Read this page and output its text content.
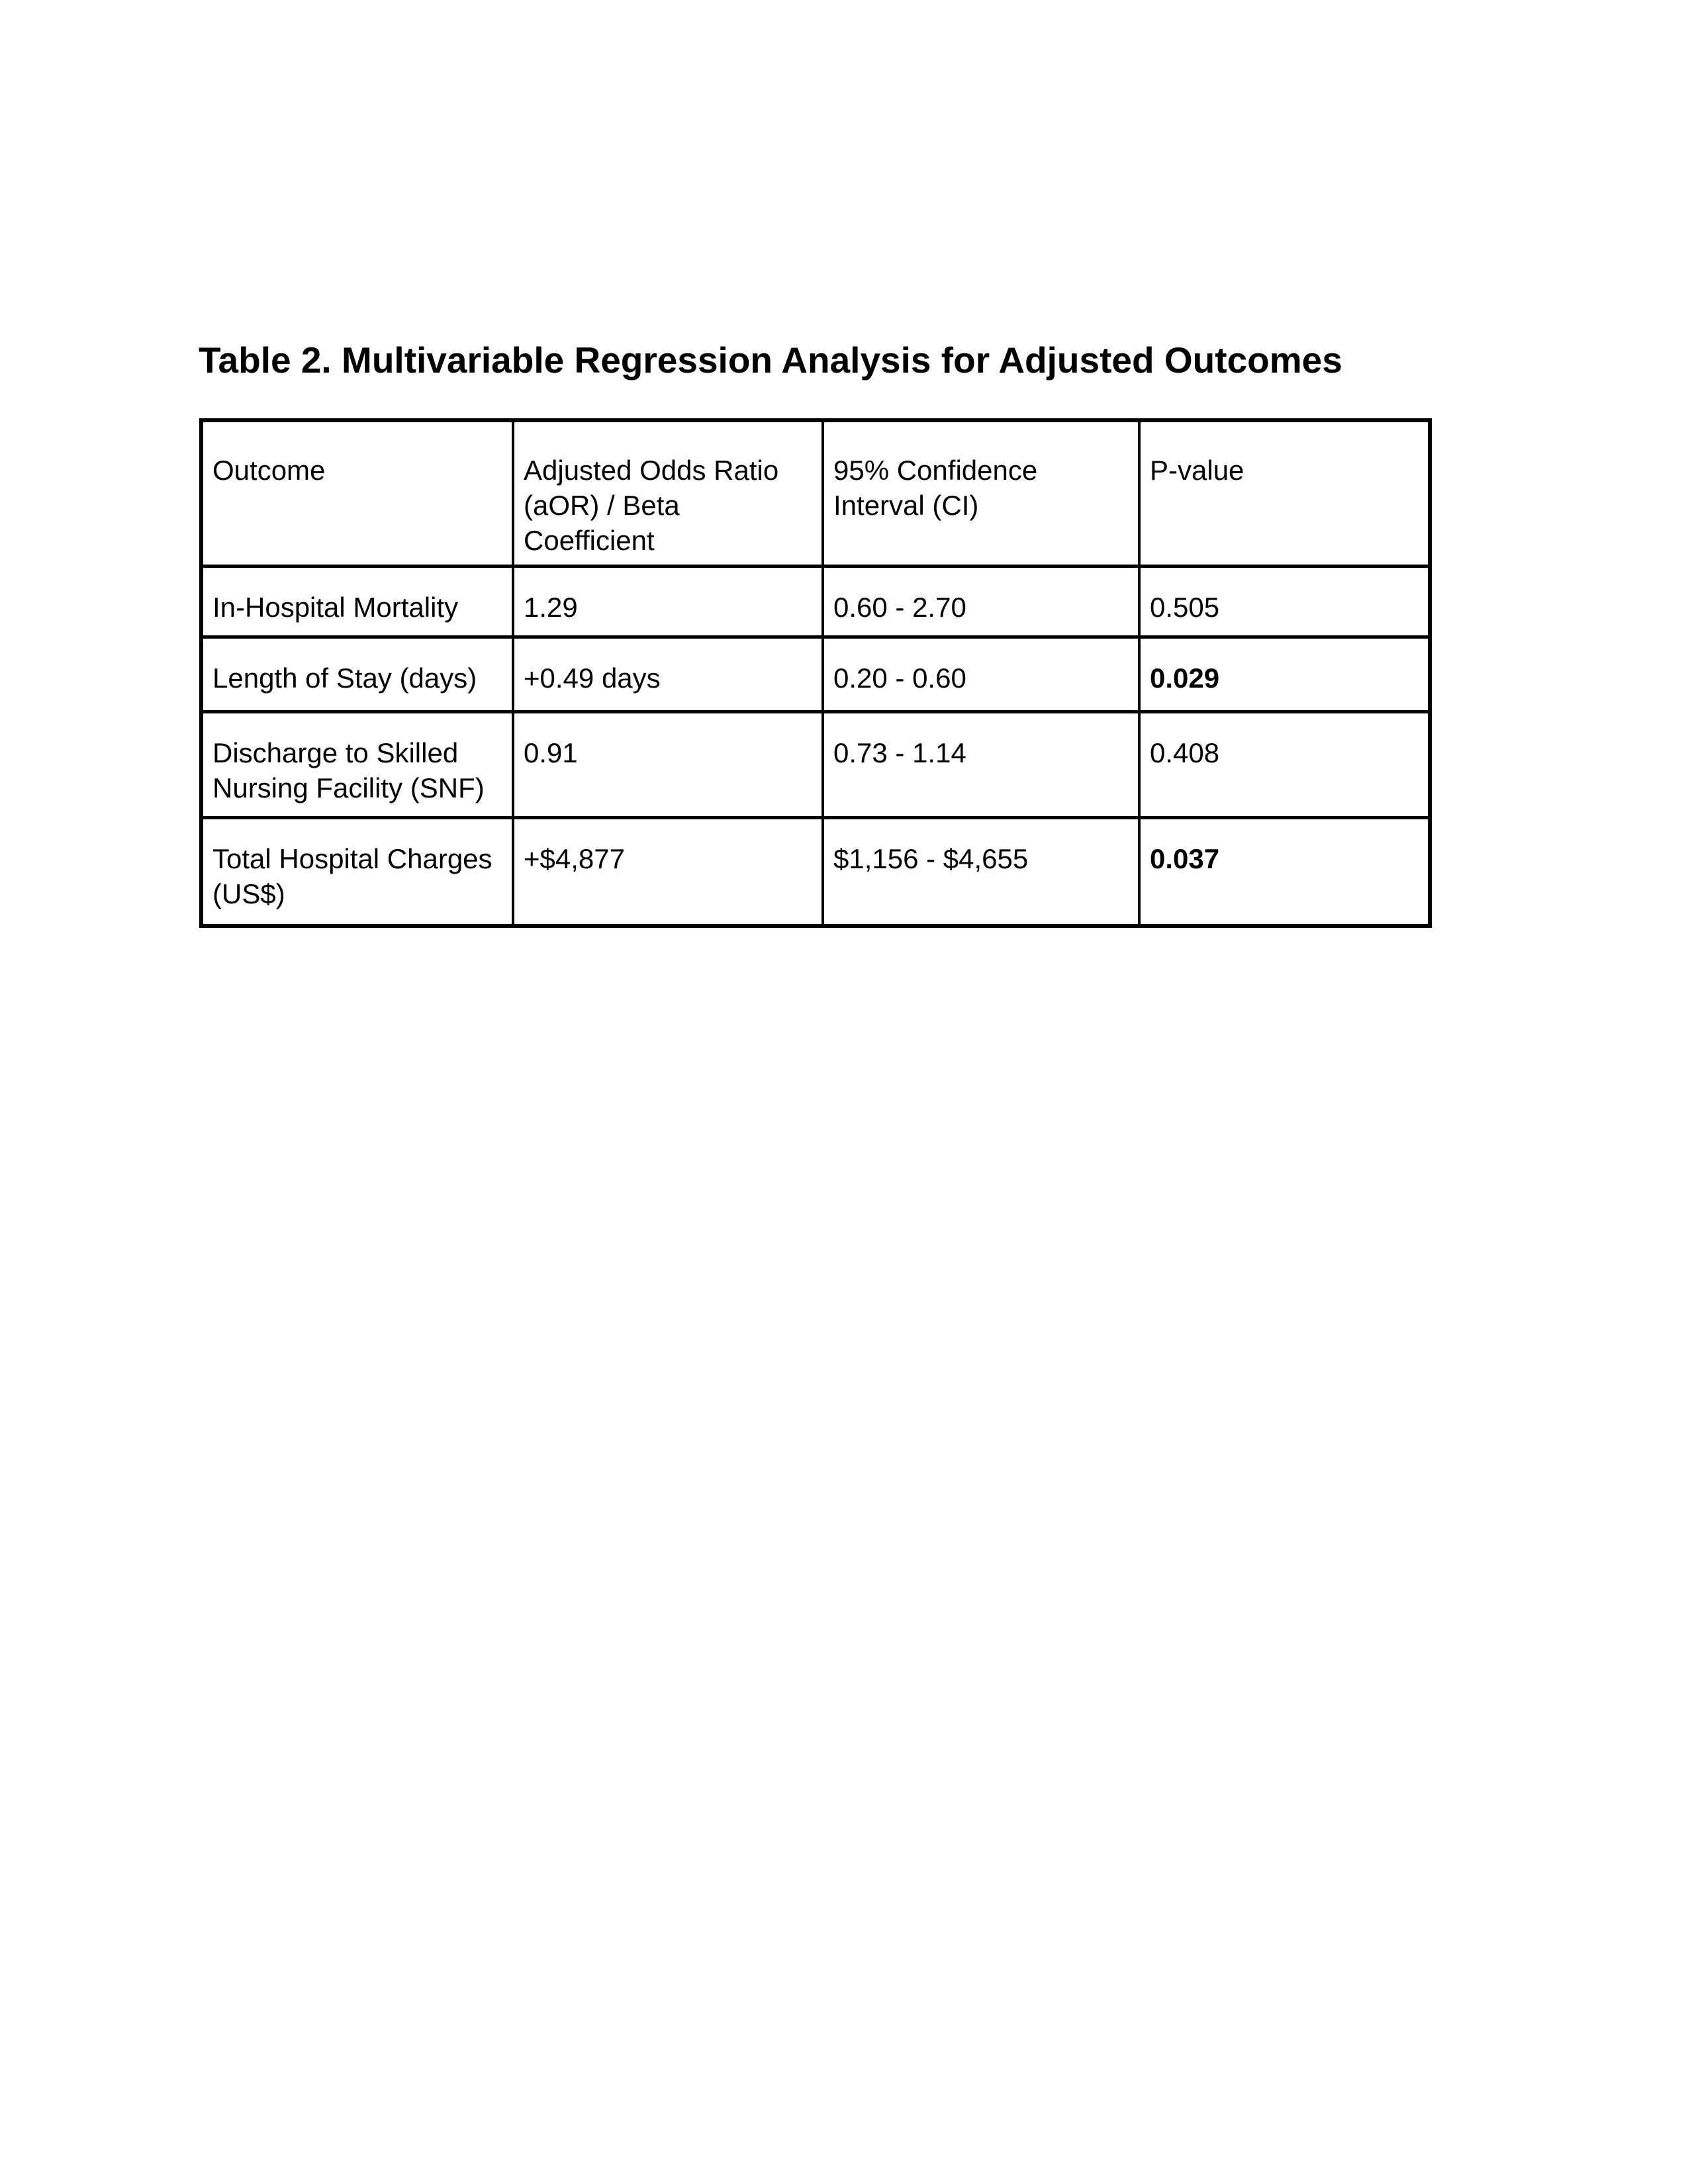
Table 2. Multivariable Regression Analysis for Adjusted Outcomes
Outcome	Adjusted Odds Ratio (aOR) / Beta Coefficient	95% Confidence Interval (CI)	P-value
In-Hospital Mortality	1.29	0.60 - 2.70	0.505
Length of Stay (days)	+0.49 days	0.20 - 0.60	0.029
Discharge to Skilled Nursing Facility (SNF)	0.91	0.73 - 1.14	0.408
Total Hospital Charges (US$)	+$4,877	$1,156 - $4,655	0.037
